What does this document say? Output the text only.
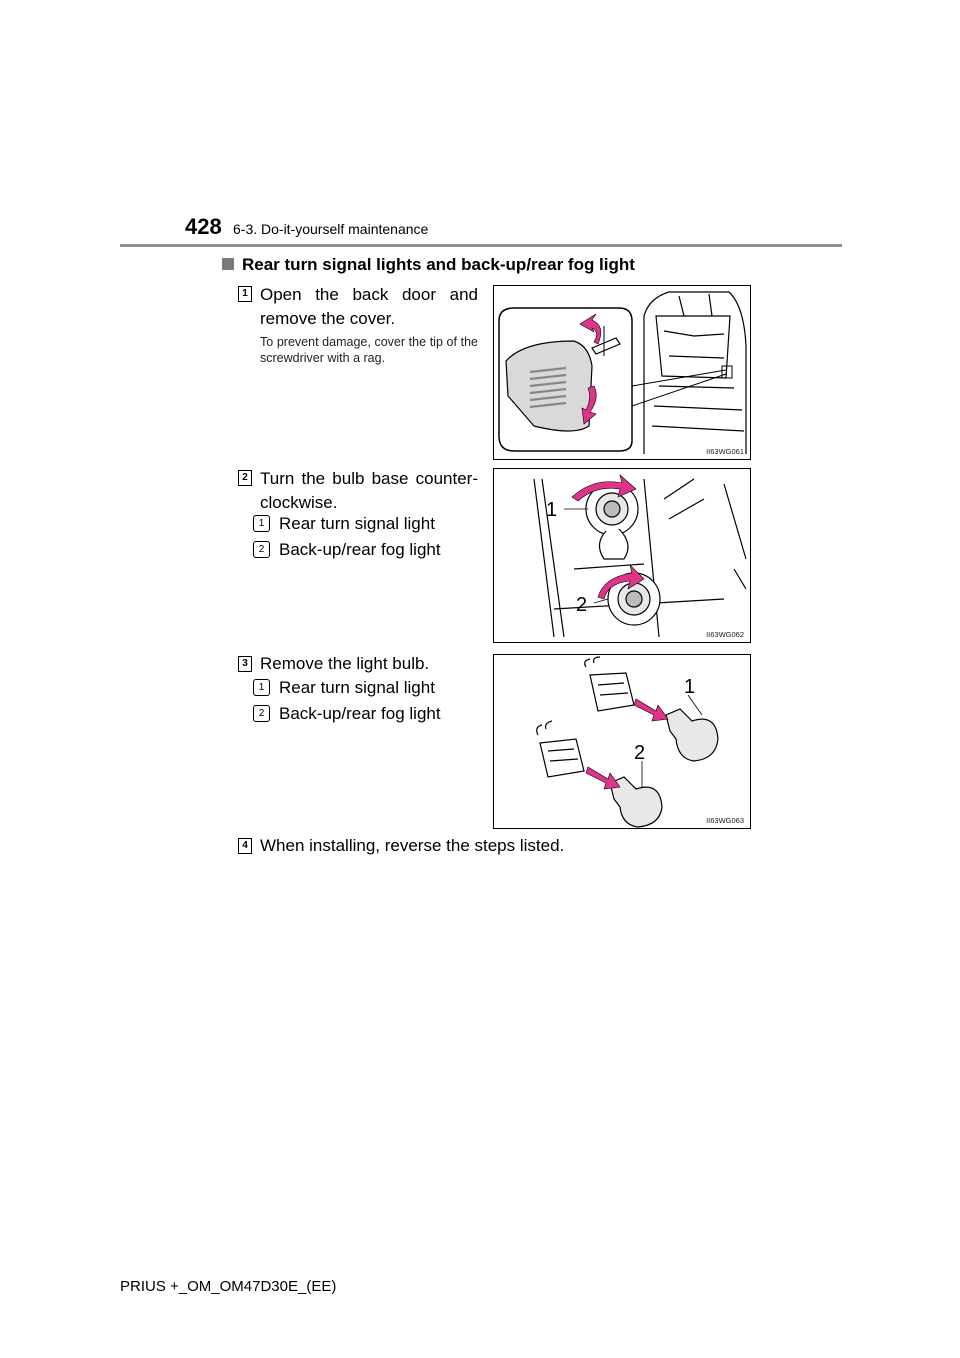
428 6-3. Do-it-yourself maintenance
Rear turn signal lights and back-up/rear fog light
1 Open the back door and remove the cover.
To prevent damage, cover the tip of the screwdriver with a rag.
II63WG061
2 Turn the bulb base counter-clockwise.
1 Rear turn signal light
2 Back-up/rear fog light
1
2
II63WG062
3 Remove the light bulb.
1 Rear turn signal light
2 Back-up/rear fog light
1
2
II63WG063
4 When installing, reverse the steps listed.
PRIUS +_OM_OM47D30E_(EE)
